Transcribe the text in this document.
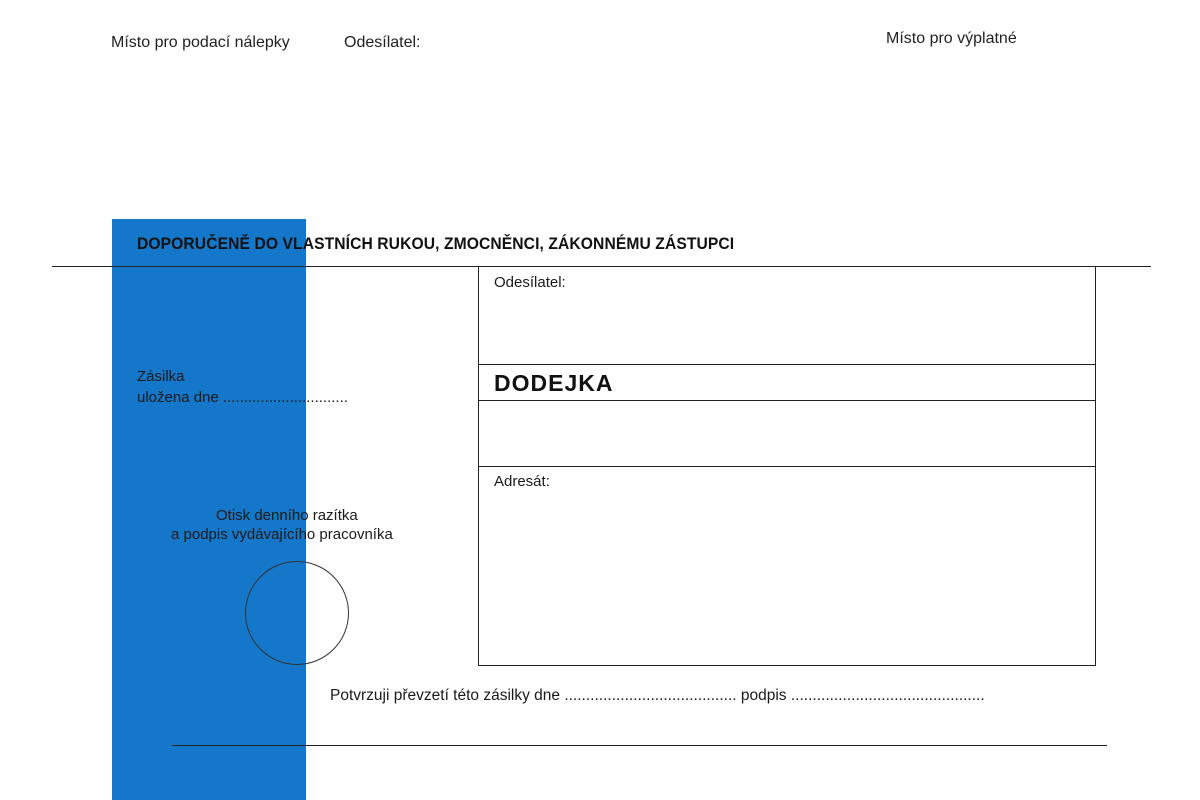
Místo pro podací nálepky	Odesílatel:	Místo pro výplatné
DOPORUČENĚ DO VLASTNÍCH RUKOU, ZMOCNĚNCI, ZÁKONNÉMU ZÁSTUPCI
Zásilka
uložena dne ..............................
Otisk denního razítka
a podpis vydávajícího pracovníka
Odesílatel:
DODEJKA
Adresát:
Potvrzuji převzetí této zásilky dne ........................................ podpis .............................................
